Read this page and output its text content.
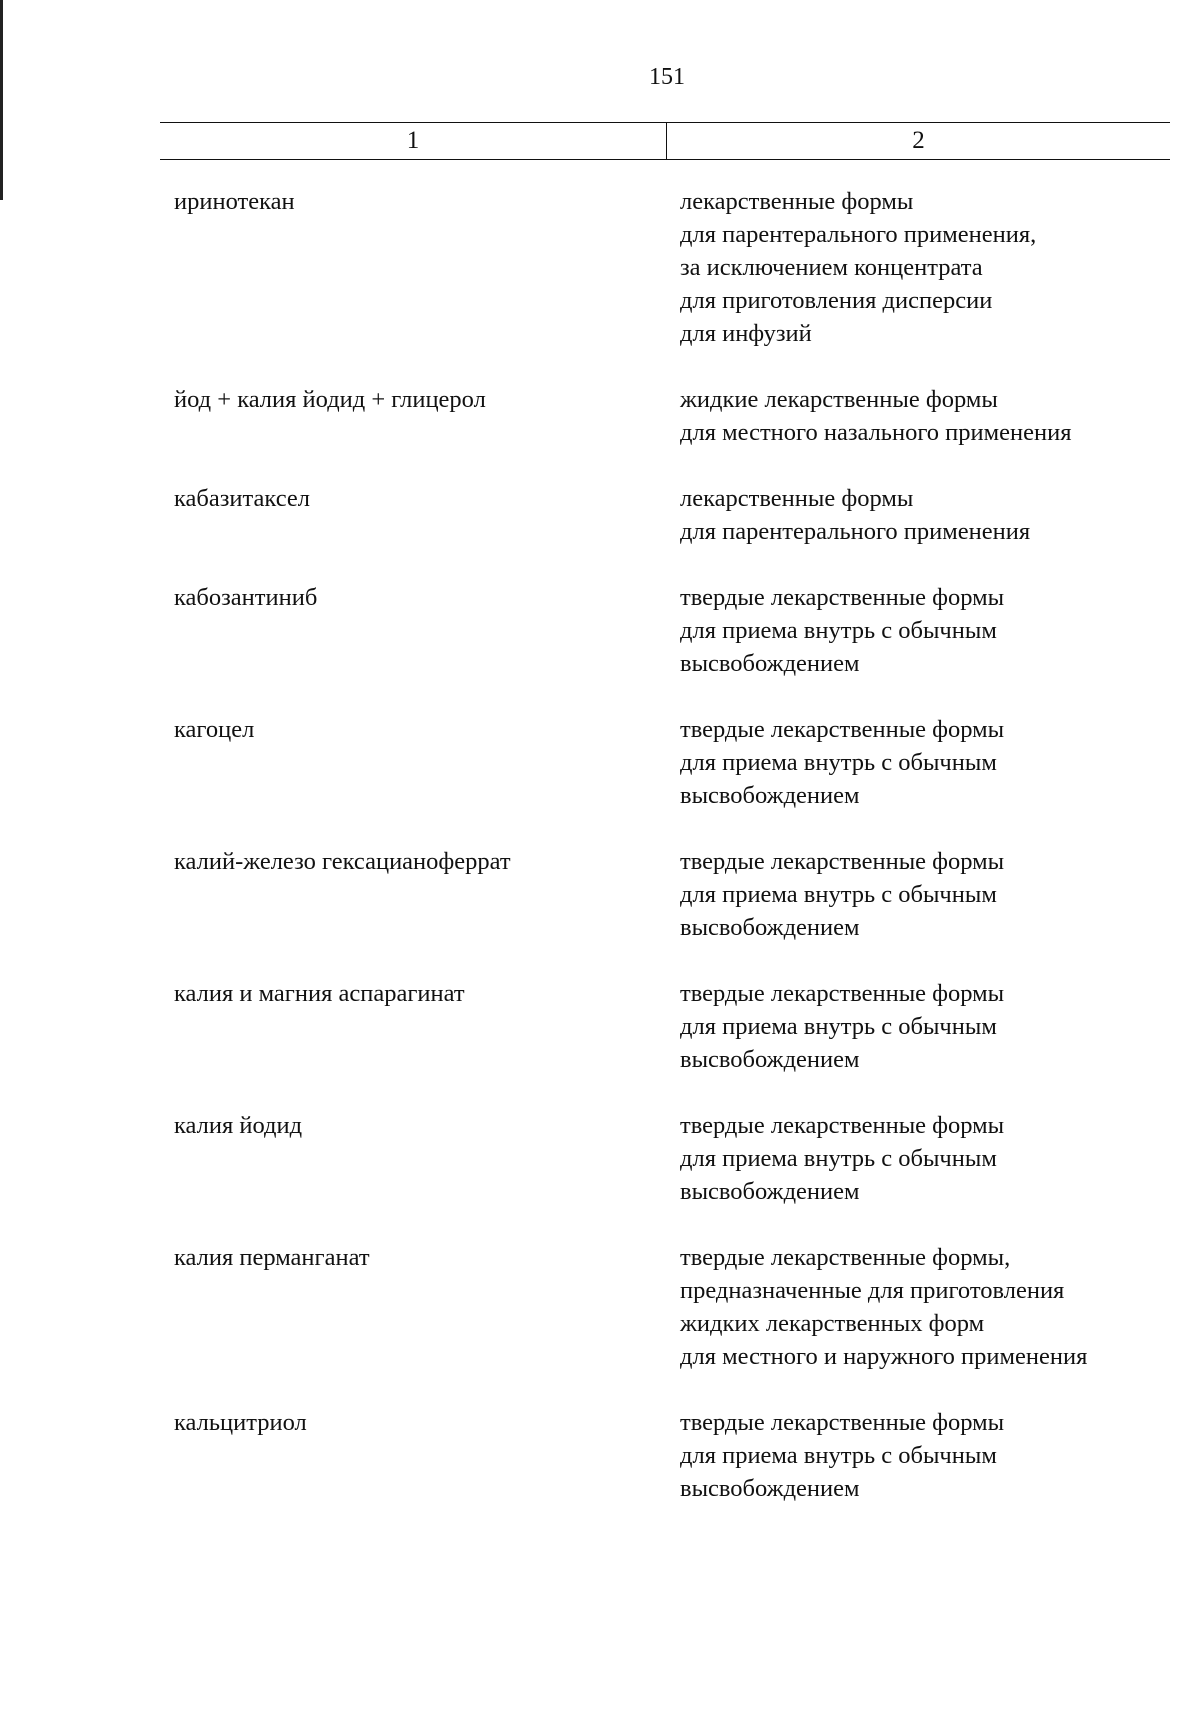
151
1	2
иринотекан	лекарственные формы
для парентерального применения,
за исключением концентрата
для приготовления дисперсии
для инфузий
йод + калия йодид + глицерол	жидкие лекарственные формы
для местного назального применения
кабазитаксел	лекарственные формы
для парентерального применения
кабозантиниб	твердые лекарственные формы
для приема внутрь с обычным
высвобождением
кагоцел	твердые лекарственные формы
для приема внутрь с обычным
высвобождением
калий-железо гексацианоферрат	твердые лекарственные формы
для приема внутрь с обычным
высвобождением
калия и магния аспарагинат	твердые лекарственные формы
для приема внутрь с обычным
высвобождением
калия йодид	твердые лекарственные формы
для приема внутрь с обычным
высвобождением
калия перманганат	твердые лекарственные формы,
предназначенные для приготовления
жидких лекарственных форм
для местного и наружного применения
кальцитриол	твердые лекарственные формы
для приема внутрь с обычным
высвобождением
